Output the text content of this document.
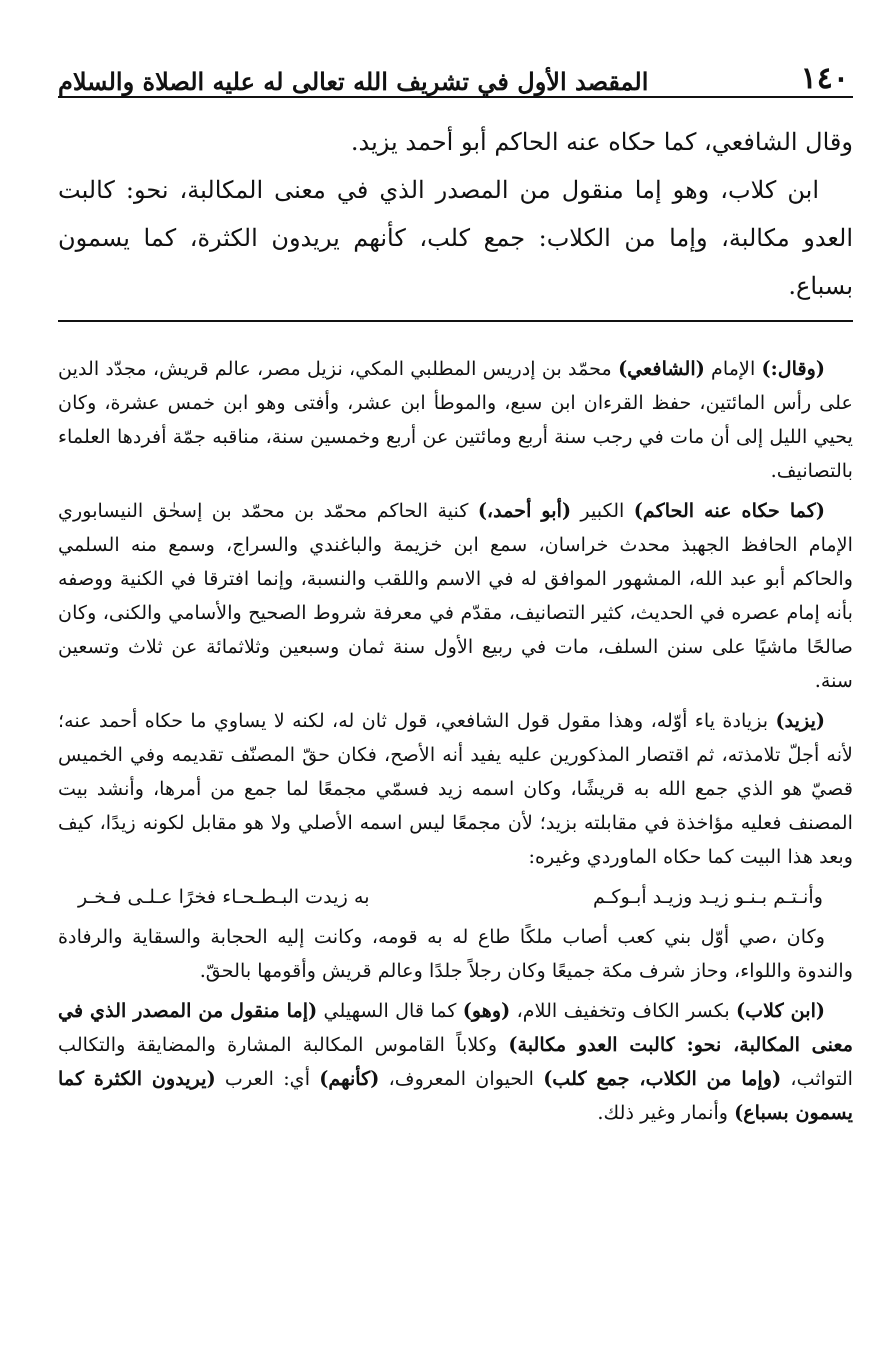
١٤٠
المقصد الأول في تشريف الله تعالى له عليه الصلاة والسلام

وقال الشافعي، كما حكاه عنه الحاكم أبو أحمد يزيد.

ابن كلاب، وهو إما منقول من المصدر الذي في معنى المكالبة، نحو: كالبت العدو مكالبة، وإما من الكلاب: جمع كلب، كأنهم يريدون الكثرة، كما يسمون بسباع.

(وقال:) الإمام (الشافعي) محمّد بن إدريس المطلبي المكي، نزيل مصر، عالم قريش، مجدّد الدين على رأس المائتين، حفظ القرءان ابن سبع، والموطأ ابن عشر، وأفتى وهو ابن خمس عشرة، وكان يحيي الليل إلى أن مات في رجب سنة أربع ومائتين عن أربع وخمسين سنة، مناقبه جمّة أفردها العلماء بالتصانيف.

(كما حكاه عنه الحاكم) الكبير (أبو أحمد،) كنية الحاكم محمّد بن محمّد بن إسحٰق النيسابوري الإمام الحافظ الجهبذ محدث خراسان، سمع ابن خزيمة والباغندي والسراج، وسمع منه السلمي والحاكم أبو عبد الله، المشهور الموافق له في الاسم واللقب والنسبة، وإنما افترقا في الكنية ووصفه بأنه إمام عصره في الحديث، كثير التصانيف، مقدّم في معرفة شروط الصحيح والأسامي والكنى، وكان صالحًا ماشيًا على سنن السلف، مات في ربيع الأول سنة ثمان وسبعين وثلاثمائة عن ثلاث وتسعين سنة.

(يزيد) بزيادة ياء أوّله، وهذا مقول قول الشافعي، قول ثان له، لكنه لا يساوي ما حكاه أحمد عنه؛ لأنه أجلّ تلامذته، ثم اقتصار المذكورين عليه يفيد أنه الأصح، فكان حقّ المصنّف تقديمه وفي الخميس قصيّ هو الذي جمع الله به قريشًا، وكان اسمه زيد فسمّي مجمعًا لما جمع من أمرها، وأنشد بيت المصنف فعليه مؤاخذة في مقابلته بزيد؛ لأن مجمعًا ليس اسمه الأصلي ولا هو مقابل لكونه زيدًا، كيف وبعد هذا البيت كما حكاه الماوردي وغيره:

وأنـتـم بـنـو زيـد وزيـد أبـوكـم
به زيدت البـطـحـاء فخرًا عـلـى فـخـر

وكان ،صي أوّل بني كعب أصاب ملكًا طاع له به قومه، وكانت إليه الحجابة والسقاية والرفادة والندوة واللواء، وحاز شرف مكة جميعًا وكان رجلاً جلدًا وعالم قريش وأقومها بالحقّ.

(ابن كلاب) بكسر الكاف وتخفيف اللام، (وهو) كما قال السهيلي (إما منقول من المصدر الذي في معنى المكالبة، نحو: كالبت العدو مكالبة) وكلاباً القاموس المكالبة المشارة والمضايقة والتكالب التواثب، (وإما من الكلاب، جمع كلب) الحيوان المعروف، (كأنهم) أي: العرب (يريدون الكثرة كما يسمون بسباع) وأنمار وغير ذلك.
